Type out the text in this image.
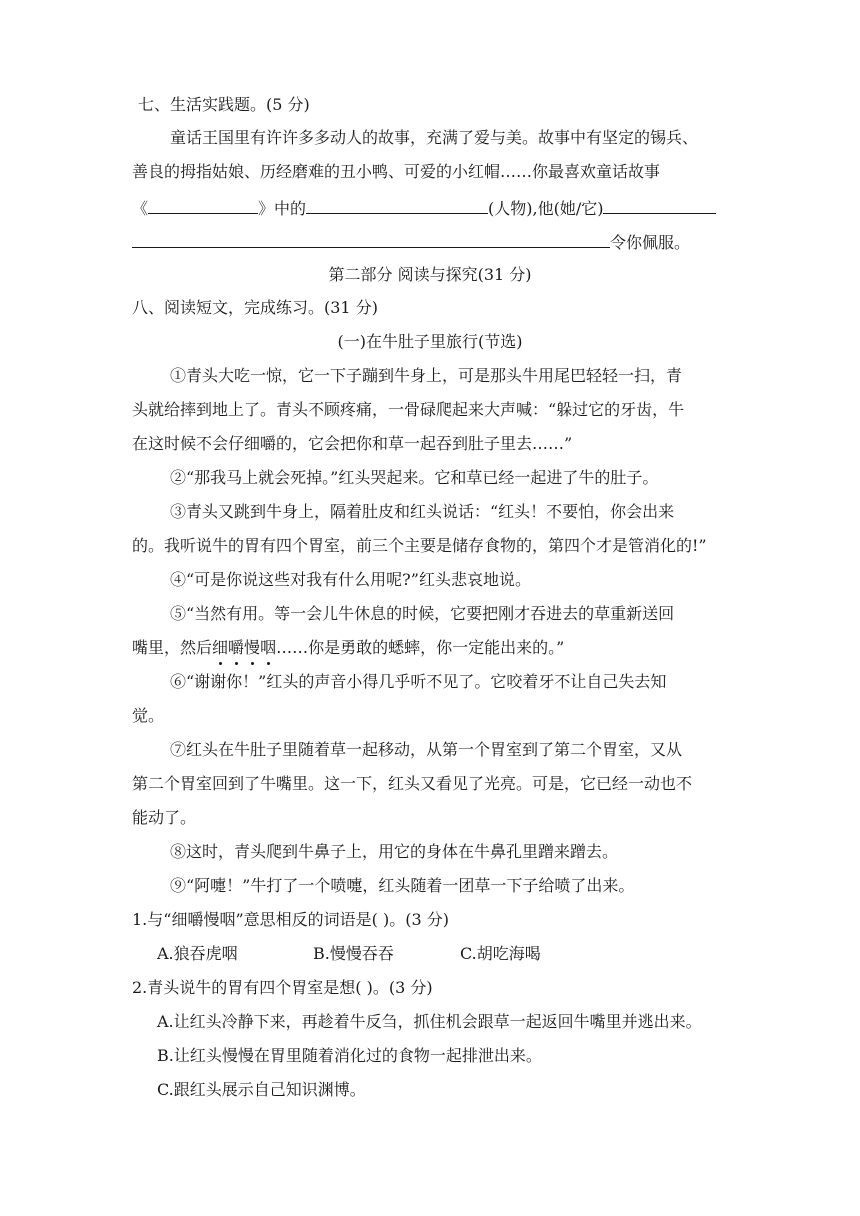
七、生活实践题。(5 分)
童话王国里有许许多多动人的故事，充满了爱与美。故事中有坚定的锡兵、
善良的拇指姑娘、历经磨难的丑小鸭、可爱的小红帽……你最喜欢童话故事
《	》中的	(人物),他(她/它)
令你佩服。
第二部分 阅读与探究(31 分)
八、阅读短文，完成练习。(31 分)
(一)在牛肚子里旅行(节选)
①青头大吃一惊，它一下子蹦到牛身上，可是那头牛用尾巴轻轻一扫，青
头就给摔到地上了。青头不顾疼痛，一骨碌爬起来大声喊：“躲过它的牙齿，牛
在这时候不会仔细嚼的，它会把你和草一起吞到肚子里去……”
②“那我马上就会死掉。”红头哭起来。它和草已经一起进了牛的肚子。
③青头又跳到牛身上，隔着肚皮和红头说话：“红头！不要怕，你会出来
的。我听说牛的胃有四个胃室，前三个主要是储存食物的，第四个才是管消化的!”
④“可是你说这些对我有什么用呢?”红头悲哀地说。
⑤“当然有用。等一会儿牛休息的时候，它要把刚才吞进去的草重新送回
嘴里，然后细嚼慢咽……你是勇敢的蟋蟀，你一定能出来的。”
⑥“谢谢你！”红头的声音小得几乎听不见了。它咬着牙不让自己失去知
觉。
⑦红头在牛肚子里随着草一起移动，从第一个胃室到了第二个胃室，又从
第二个胃室回到了牛嘴里。这一下，红头又看见了光亮。可是，它已经一动也不
能动了。
⑧这时，青头爬到牛鼻子上，用它的身体在牛鼻孔里蹭来蹭去。
⑨“阿嚏！”牛打了一个喷嚏，红头随着一团草一下子给喷了出来。
1.与“细嚼慢咽”意思相反的词语是( )。(3 分)
A.狼吞虎咽	B.慢慢吞吞	C.胡吃海喝
2.青头说牛的胃有四个胃室是想( )。(3 分)
A.让红头冷静下来，再趁着牛反刍，抓住机会跟草一起返回牛嘴里并逃出来。
B.让红头慢慢在胃里随着消化过的食物一起排泄出来。
C.跟红头展示自己知识渊博。
